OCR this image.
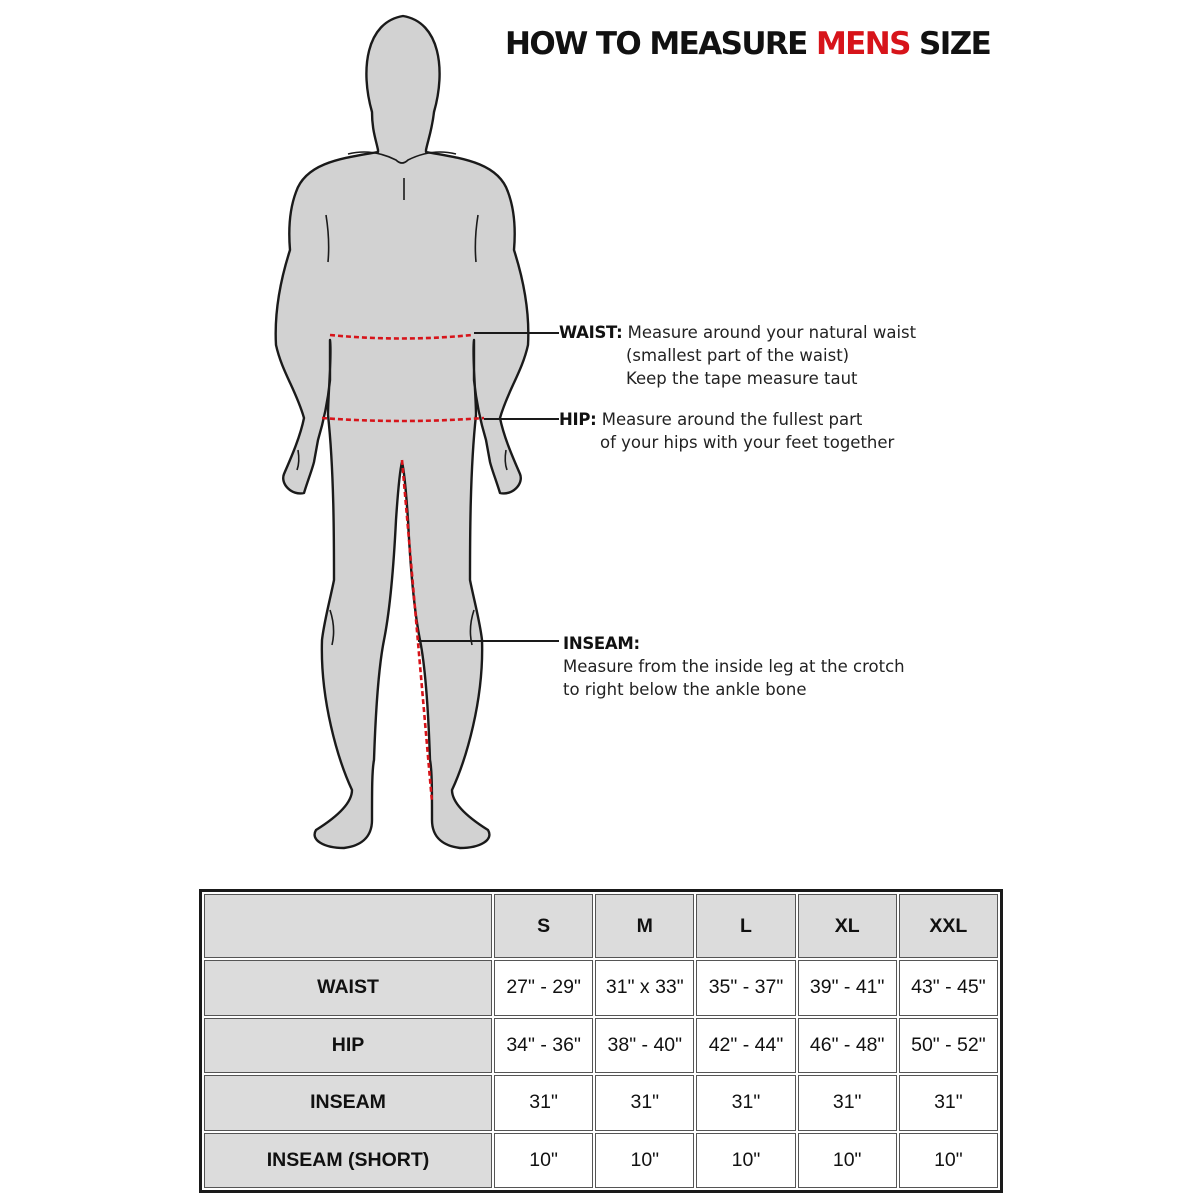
HOW TO MEASURE MENS SIZE
WAIST: Measure around your natural waist
(smallest part of the waist)
Keep the tape measure taut
HIP: Measure around the fullest part
of your hips with your feet together
INSEAM:
Measure from the inside leg at the crotch
to right below the ankle bone
	S	M	L	XL	XXL
WAIST	27" - 29"	31" x 33"	35" - 37"	39" - 41"	43" - 45"
HIP	34" - 36"	38" - 40"	42" - 44"	46" - 48"	50" - 52"
INSEAM	31"	31"	31"	31"	31"
INSEAM (SHORT)	10"	10"	10"	10"	10"
